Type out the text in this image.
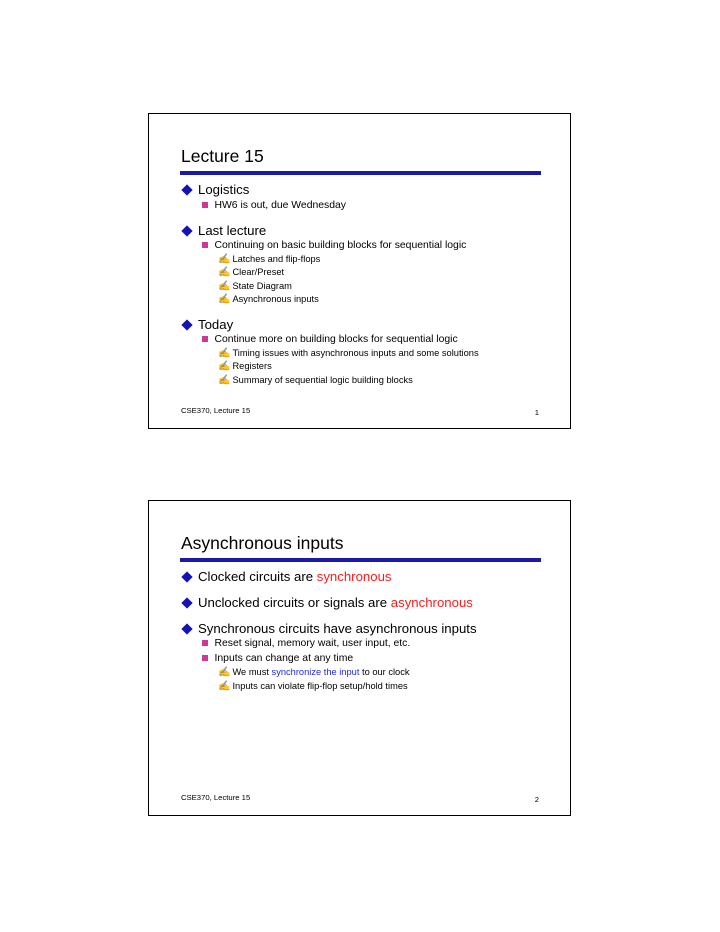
Lecture 15
Logistics
HW6 is out, due Wednesday
Last lecture
Continuing on basic building blocks for sequential logic
✍ Latches and flip-flops
✍ Clear/Preset
✍ State Diagram
✍ Asynchronous inputs
Today
Continue more on building blocks for sequential logic
✍ Timing issues with asynchronous inputs and some solutions
✍ Registers
✍ Summary of sequential logic building blocks
CSE370, Lecture 15	1
Asynchronous inputs
Clocked circuits are synchronous
Unclocked circuits or signals are asynchronous
Synchronous circuits have asynchronous inputs
Reset signal, memory wait, user input, etc.
Inputs can change at any time
✍ We must synchronize the input to our clock
✍ Inputs can violate flip-flop setup/hold times
CSE370, Lecture 15	2
